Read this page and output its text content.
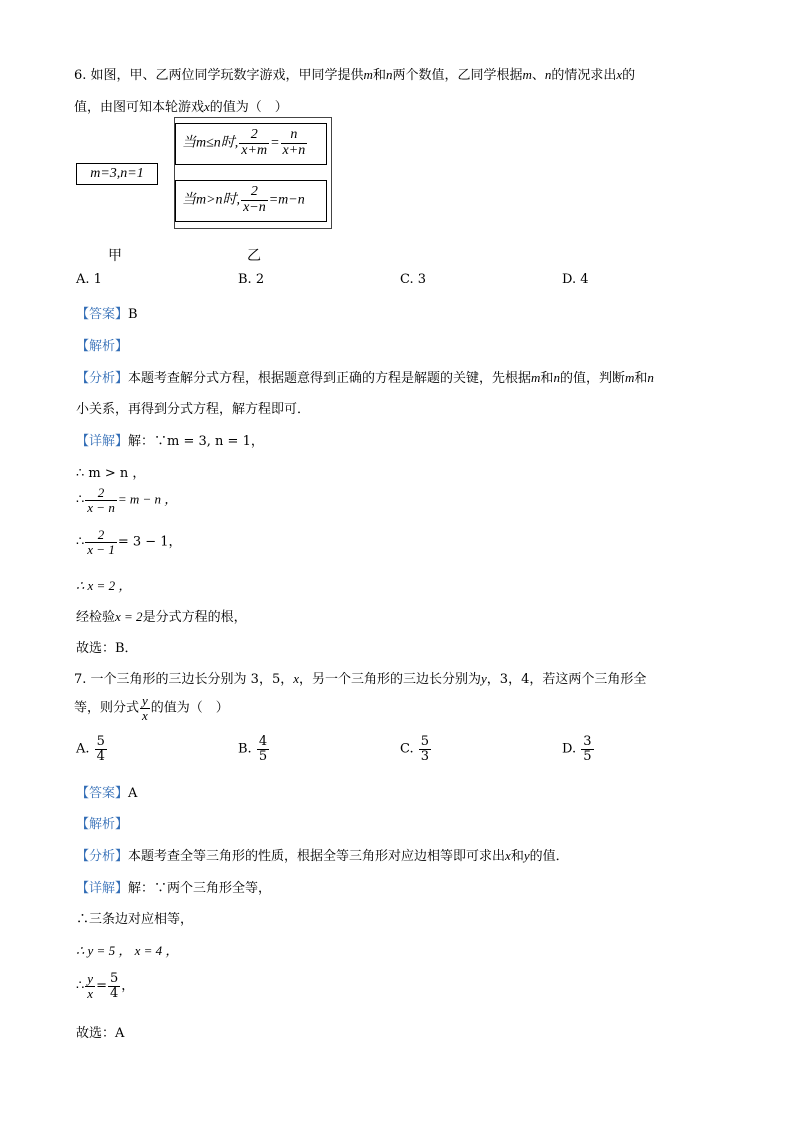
6. 如图，甲、乙两位同学玩数字游戏，甲同学提供m和n两个数值，乙同学根据m、n的情况求出x的
值，由图可知本轮游戏x的值为（　）
m=3,n=1
当m≤n时, $\frac{2}{x+m} = \frac{n}{x+n}$
当m>n时, $\frac{2}{x-n} =m-n$
甲	乙
A. 1	B. 2	C. 3	D. 4
【答案】B
【解析】
【分析】本题考查解分式方程，根据题意得到正确的方程是解题的关键，先根据m和n的值，判断m和n
小关系，再得到分式方程，解方程即可．
【详解】解：∵m = 3, n = 1，
∴ m > n ，
∴ $\frac{2}{x - n} = m - n$ ，
∴ $\frac{2}{x - 1} = 3 - 1$，
∴ x = 2 ，
经检验x = 2是分式方程的根，
故选：B．
7. 一个三角形的三边长分别为 3，5，x，另一个三角形的三边长分别为y，3，4，若这两个三角形全
等，则分式 $\frac{y}{x}$ 的值为（　）
A. $\frac{5}{4}$	B. $\frac{4}{5}$	C. $\frac{5}{3}$	D. $\frac{3}{5}$
【答案】A
【解析】
【分析】本题考查全等三角形的性质，根据全等三角形对应边相等即可求出x和y的值．
【详解】解：∵两个三角形全等，
∴三条边对应相等，
∴ y = 5 ， x = 4 ，
∴ $\frac{y}{x} = \frac{5}{4}$ ，
故选：A
